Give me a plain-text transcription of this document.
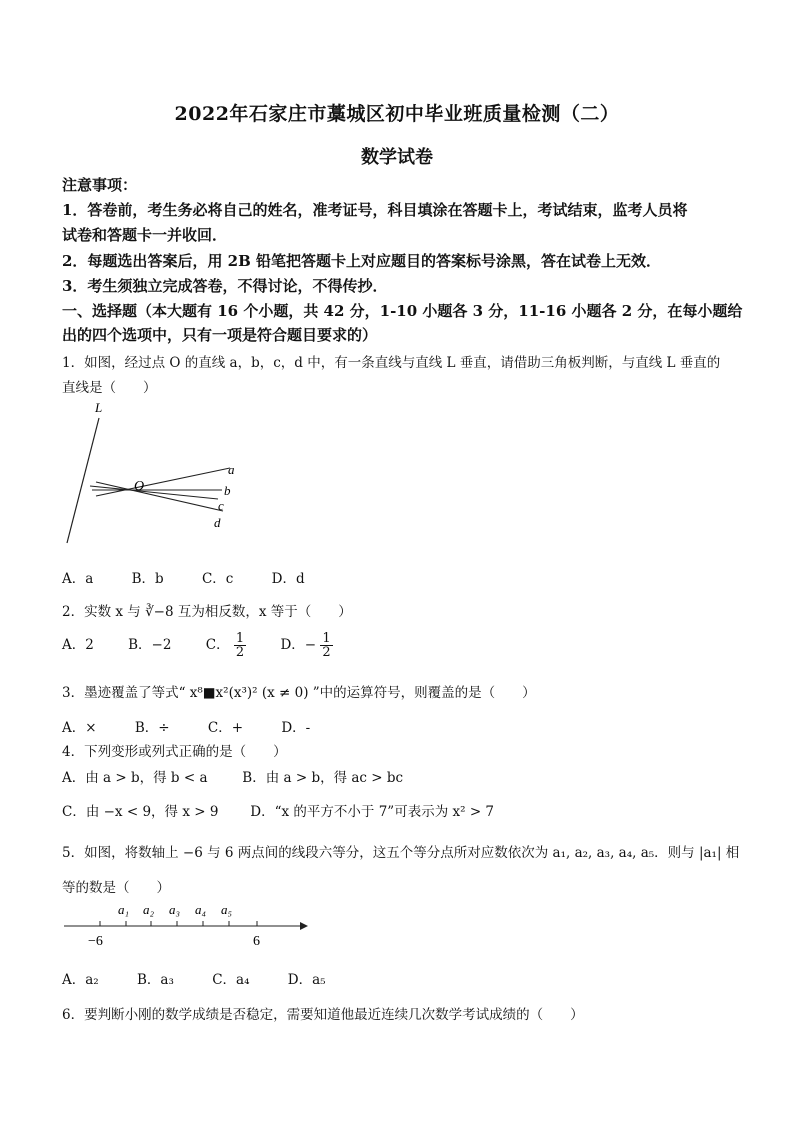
2022年石家庄市藁城区初中毕业班质量检测（二）
数学试卷
注意事项：
1．答卷前，考生务必将自己的姓名，准考证号，科目填涂在答题卡上，考试结束，监考人员将
试卷和答题卡一并收回．
2．每题选出答案后，用 2B 铅笔把答题卡上对应题目的答案标号涂黑，答在试卷上无效．
3．考生须独立完成答卷，不得讨论，不得传抄．
一、选择题（本大题有 16 个小题，共 42 分，1-10 小题各 3 分，11-16 小题各 2 分，在每小题给
出的四个选项中，只有一项是符合题目要求的）
1．如图，经过点 O 的直线 a，b，c，d 中，有一条直线与直线 L 垂直，请借助三角板判断，与直线 L 垂直的
直线是（　　）
L
O
a
b
c
d
A．a	B．b	C．c	D．d
2．实数 x 与 ∛−8 互为相反数，x 等于（　　）
A．2	B．−2	C． $\frac{1}{2}$	D．− $\frac{1}{2}$
3．墨迹覆盖了等式“ x⁸■x²(x³)² (x ≠ 0) ”中的运算符号，则覆盖的是（　　）
A．×	B．÷	C．+	D．-
4．下列变形或列式正确的是（　　）
A．由 a > b，得 b < a	B．由 a > b，得 ac > bc
C．由 −x < 9，得 x > 9 D．“x 的平方不小于 7”可表示为 x² > 7
5．如图，将数轴上 −6 与 6 两点间的线段六等分，这五个等分点所对应数依次为 a₁, a₂, a₃, a₄, a₅．则与 |a₁| 相
等的数是（　　）
a₁ a₂ a₃ a₄ a₅
−6	6
A．a₂	B．a₃	C．a₄	D．a₅
6．要判断小刚的数学成绩是否稳定，需要知道他最近连续几次数学考试成绩的（　　）
